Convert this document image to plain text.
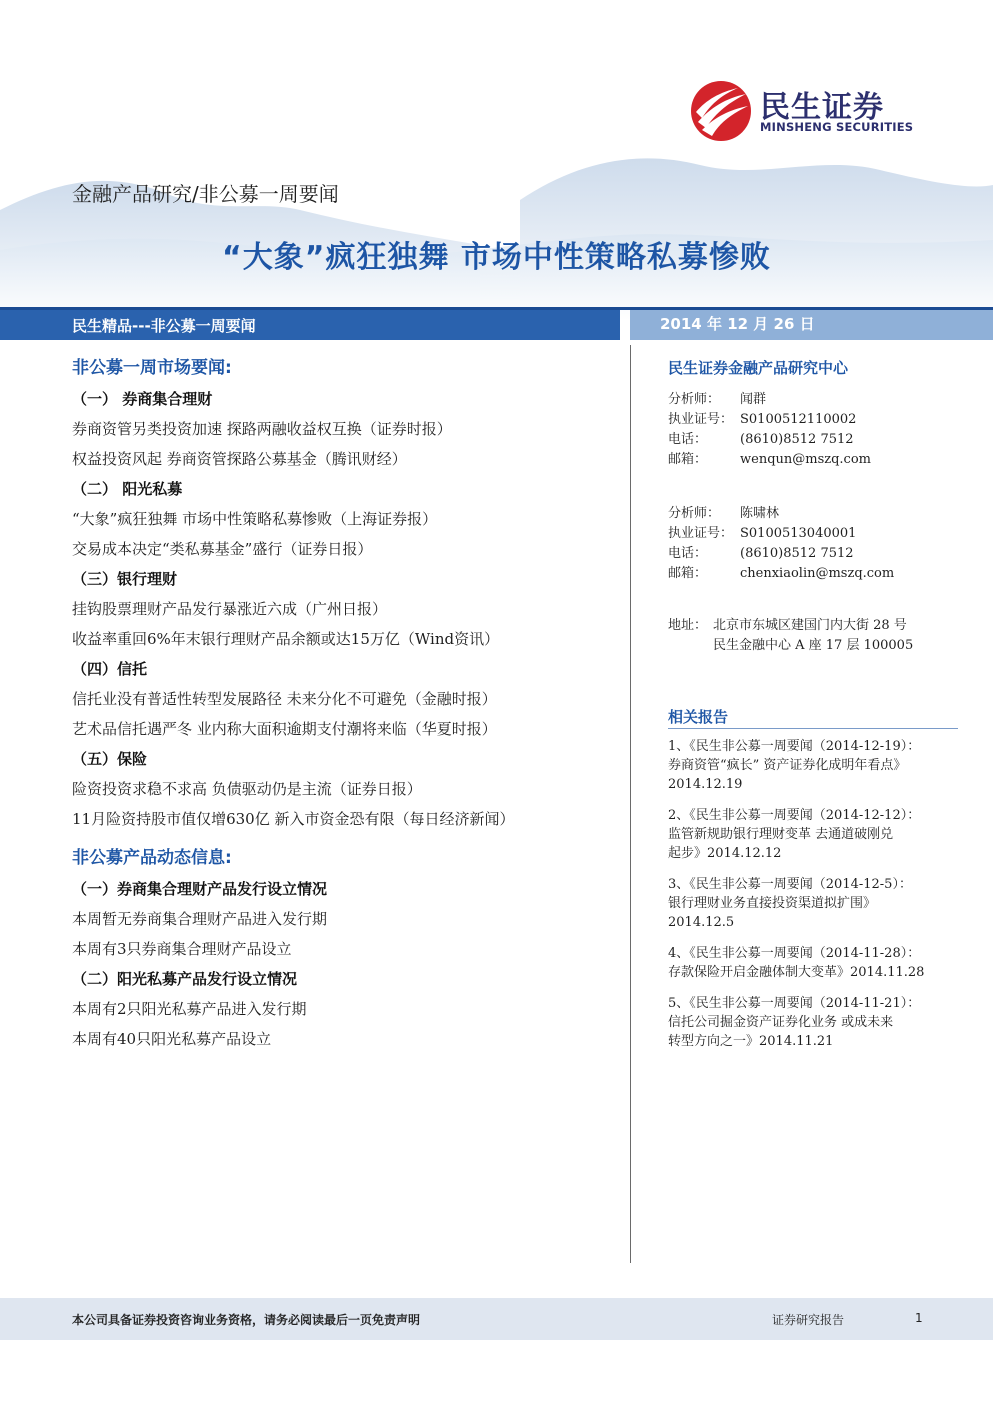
民生证券
MINSHENG SECURITIES
金融产品研究/非公募一周要闻
“大象”疯狂独舞 市场中性策略私募惨败
民生精品---非公募一周要闻	2014 年 12 月 26 日
非公募一周市场要闻:
（一） 券商集合理财
券商资管另类投资加速 探路两融收益权互换（证券时报）
权益投资风起 券商资管探路公募基金（腾讯财经）
（二） 阳光私募
“大象”疯狂独舞 市场中性策略私募惨败（上海证券报）
交易成本决定“类私募基金”盛行（证券日报）
（三）银行理财
挂钩股票理财产品发行暴涨近六成（广州日报）
收益率重回6%年末银行理财产品余额或达15万亿（Wind资讯）
（四）信托
信托业没有普适性转型发展路径 未来分化不可避免（金融时报）
艺术品信托遇严冬 业内称大面积逾期支付潮将来临（华夏时报）
（五）保险
险资投资求稳不求高 负债驱动仍是主流（证券日报）
11月险资持股市值仅增630亿 新入市资金恐有限（每日经济新闻）
非公募产品动态信息:
（一）券商集合理财产品发行设立情况
本周暂无券商集合理财产品进入发行期
本周有3只券商集合理财产品设立
（二）阳光私募产品发行设立情况
本周有2只阳光私募产品进入发行期
本周有40只阳光私募产品设立
民生证券金融产品研究中心
分析师： 闻群
执业证号： S0100512110002
电话：	(8610)8512 7512
邮箱：	wenqun@mszq.com
分析师： 陈啸林
执业证号： S0100513040001
电话：	(8610)8512 7512
邮箱：	chenxiaolin@mszq.com
地址： 北京市东城区建国门内大街 28 号
民生金融中心 A 座 17 层 100005
相关报告
1、《民生非公募一周要闻（2014-12-19）：
券商资管“疯长” 资产证券化成明年看点》
2014.12.19
2、《民生非公募一周要闻（2014-12-12）：
监管新规助银行理财变革 去通道破刚兑
起步》2014.12.12
3、《民生非公募一周要闻（2014-12-5）：
银行理财业务直接投资渠道拟扩围》
2014.12.5
4、《民生非公募一周要闻（2014-11-28）：
存款保险开启金融体制大变革》2014.11.28
5、《民生非公募一周要闻（2014-11-21）：
信托公司掘金资产证券化业务 或成未来
转型方向之一》2014.11.21
本公司具备证券投资咨询业务资格，请务必阅读最后一页免责声明	证券研究报告	1
